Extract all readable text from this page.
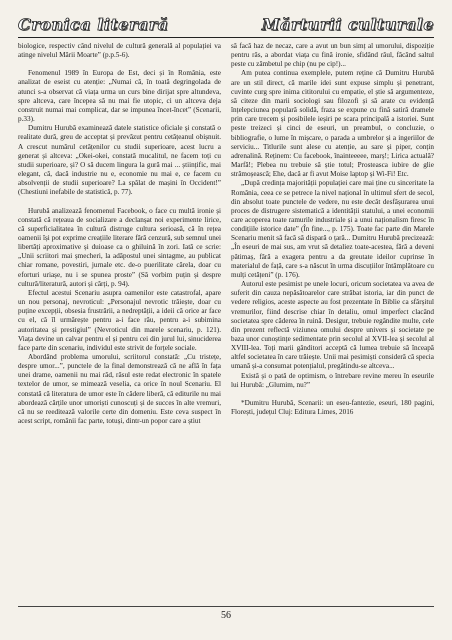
Cronica literară	Mărturii culturale

biologice, respectiv când nivelul de cultură generală al populației va atinge nivelul Mării Moarte” (p.p.5-6).

Fenomenul 1989 în Europa de Est, deci și în România, este analizat de eseist cu atenție: „Numai că, în toată degringolada de atunci s-a observat că viața urma un curs bine dirijat spre altundeva, spre altceva, care începea să nu mai fie utopic, ci un altceva deja construit numai mai complicat, dar se impunea încet-încet” (Scenarii, p.33).

Dumitru Hurubă examinează datele statistice oficiale și constată o realitate dură, greu de acceptat și prevăzut pentru cetățeanul obișnuit. A crescut numărul cetățenilor cu studii superioare, acest lucru a generat și altceva: „Okei-okei, constată mucalitul, ne facem toți cu studii superioare, și? O să ducem lingura la gură mai ... științific, mai elegant, că, dacă industrie nu e, economie nu mai e, ce facem cu absolvenții de studii superioare? La spălat de mașini în Occident!” (Chestiuni inefabile de statistică, p. 77).

Hurubă analizează fenomenul Facebook, o face cu multă ironie și constată că rețeaua de socializare a declanșat noi experimente lirice, că superficialitatea în cultură distruge cultura serioasă, că în rețea oamenii își pot exprime creațiile literare fără cenzură, sub semnul unei libertăți aproximative și duioase ca o ghiluină în zori. Iată ce scrie: „Unii scriitori mai șmecheri, la adăpostul unei sintagme, au publicat chiar romane, povestiri, jurnale etc. de-o puerilitate cărela, doar cu eforturi uriașe, nu i se spunea proste” (Să vorbim puțin și despre cultură/literatură, autori și cărți, p. 94).

Efectul acestui Scenariu asupra oamenilor este catastrofal, apare un nou personaj, nevroticul: „Personajul nevrotic trăiește, doar cu puține excepții, obsesia frustrării, a nedreptății, a ideii că orice ar face cu el, că îl urmărește pentru a-i face rău, pentru a-i subimina autoritatea și prestigiul” (Nevroticul din marele scenariu, p. 121). Viața devine un calvar pentru el și pentru cei din jurul lui, sinuciderea face parte din scenariu, individul este strivit de forțele sociale.

Abordând problema umorului, scriitorul constată: „Cu tristețe, despre umor...”, punctele de la final demonstrează că ne află în fața unei drame, oamenii nu mai râd, râsul este redat electronic în spatele textelor de umor, se mimează veselia, ca orice în noul Scenariu. El constată că literatura de umor este în cădere liberă, că editurile nu mai abordează cărțile unor umoriști cunoscuți și de succes în alte vremuri, că nu se reeditează valorile certe din domeniu. Este ceva suspect în acest script, românii fac parte, totuși, dintr-un popor care a știut

să facă haz de necaz, care a avut un bun simț al umorului, dispoziție pentru râs, a abordat viața cu fină ironie, sfidând răul, făcând saltul peste cu zâmbetul pe chip (nu pe cip!)...

Am putea continua exemplele, putem reține că Dumitru Hurubă are un stil direct, că marile idei sunt expuse simplu și penetrant, cuvinte curg spre inima cititorului cu empatie, el știe să argumenteze, să citeze din marii sociologi sau filozofi și să arate cu evidență înțelepciunea populară solidă, fraza se expune cu fină satiră dramele prin care trecem și posibilele ieșiri pe scara principală a istoriei. Sunt peste treizeci și cinci de eseuri, un preambul, o concluzie, o bibliografie, o lume în mișcare, o parada a umbrelor și a ingeriilor de serviciu... Titlurile sunt alese cu atenție, au sare și piper, conțin adrenalină. Reținem: Cu facebook, înainteeeee, marș!; Lirica actuală? Marfă!; Plebea nu trebuie să știe totul; Prosteasca iubire de glie strămoșească; Ehe, dacă ar fi avut Moise laptop și Wi-Fi! Etc.

„După credința majorității populației care mai ține cu sinceritate la România, ceea ce se petrece la nivel național în ultimul sfert de secol, din absolut toate punctele de vedere, nu este decât desfășurarea unui proces de distrugere sistematică a identității statului, a unei economii care acoperea toate ramurile industriale și a unui naționalism firesc în condițiile istorice date” (În fine..., p. 175). Toate fac parte din Marele Scenariu menit să facă să dispară o țară... Dumitru Hurubă precizează: „În eseuri de mai sus, am vrut să detaliez toate-acestea, fără a deveni pătimaș, fără a exagera pentru a da greutate ideilor cuprinse în materialul de față, care s-a născut în urma discuțiilor întâmplătoare cu mulți cetățeni” (p. 176).

Autorul este pesimist pe unele locuri, oricum societatea va avea de suferit din cauza nepăsătoarelor care străbat istoria, iar din punct de vedere religios, aceste aspecte au fost prezentate în Biblie ca sfârșitul vremurilor, fiind descrise chiar în detaliu, omul imperfect clacând societatea spre căderea în ruină. Desigur, trebuie regândite multe, cele din prezent reflectă viziunea omului despre univers și societate pe baza unor cunoștințe sedimentate prin secolul al XVII-lea și secolul al XVIII-lea. Toți marii gânditori acceptă că lumea trebuie să înceapă altfel societatea în care trăiește. Unii mai pesimiști consideră că specia umană și-a consumat potențialul, pregătindu-se altceva...

Există și o pată de optimism, o întrebare revine mereu în eseurile lui Hurubă: „Glumim, nu?”

*Dumitru Hurubă, Scenarii: un eseu-fantezie, eseuri, 180 pagini, Florești, județul Cluj: Editura Limes, 2016

56
